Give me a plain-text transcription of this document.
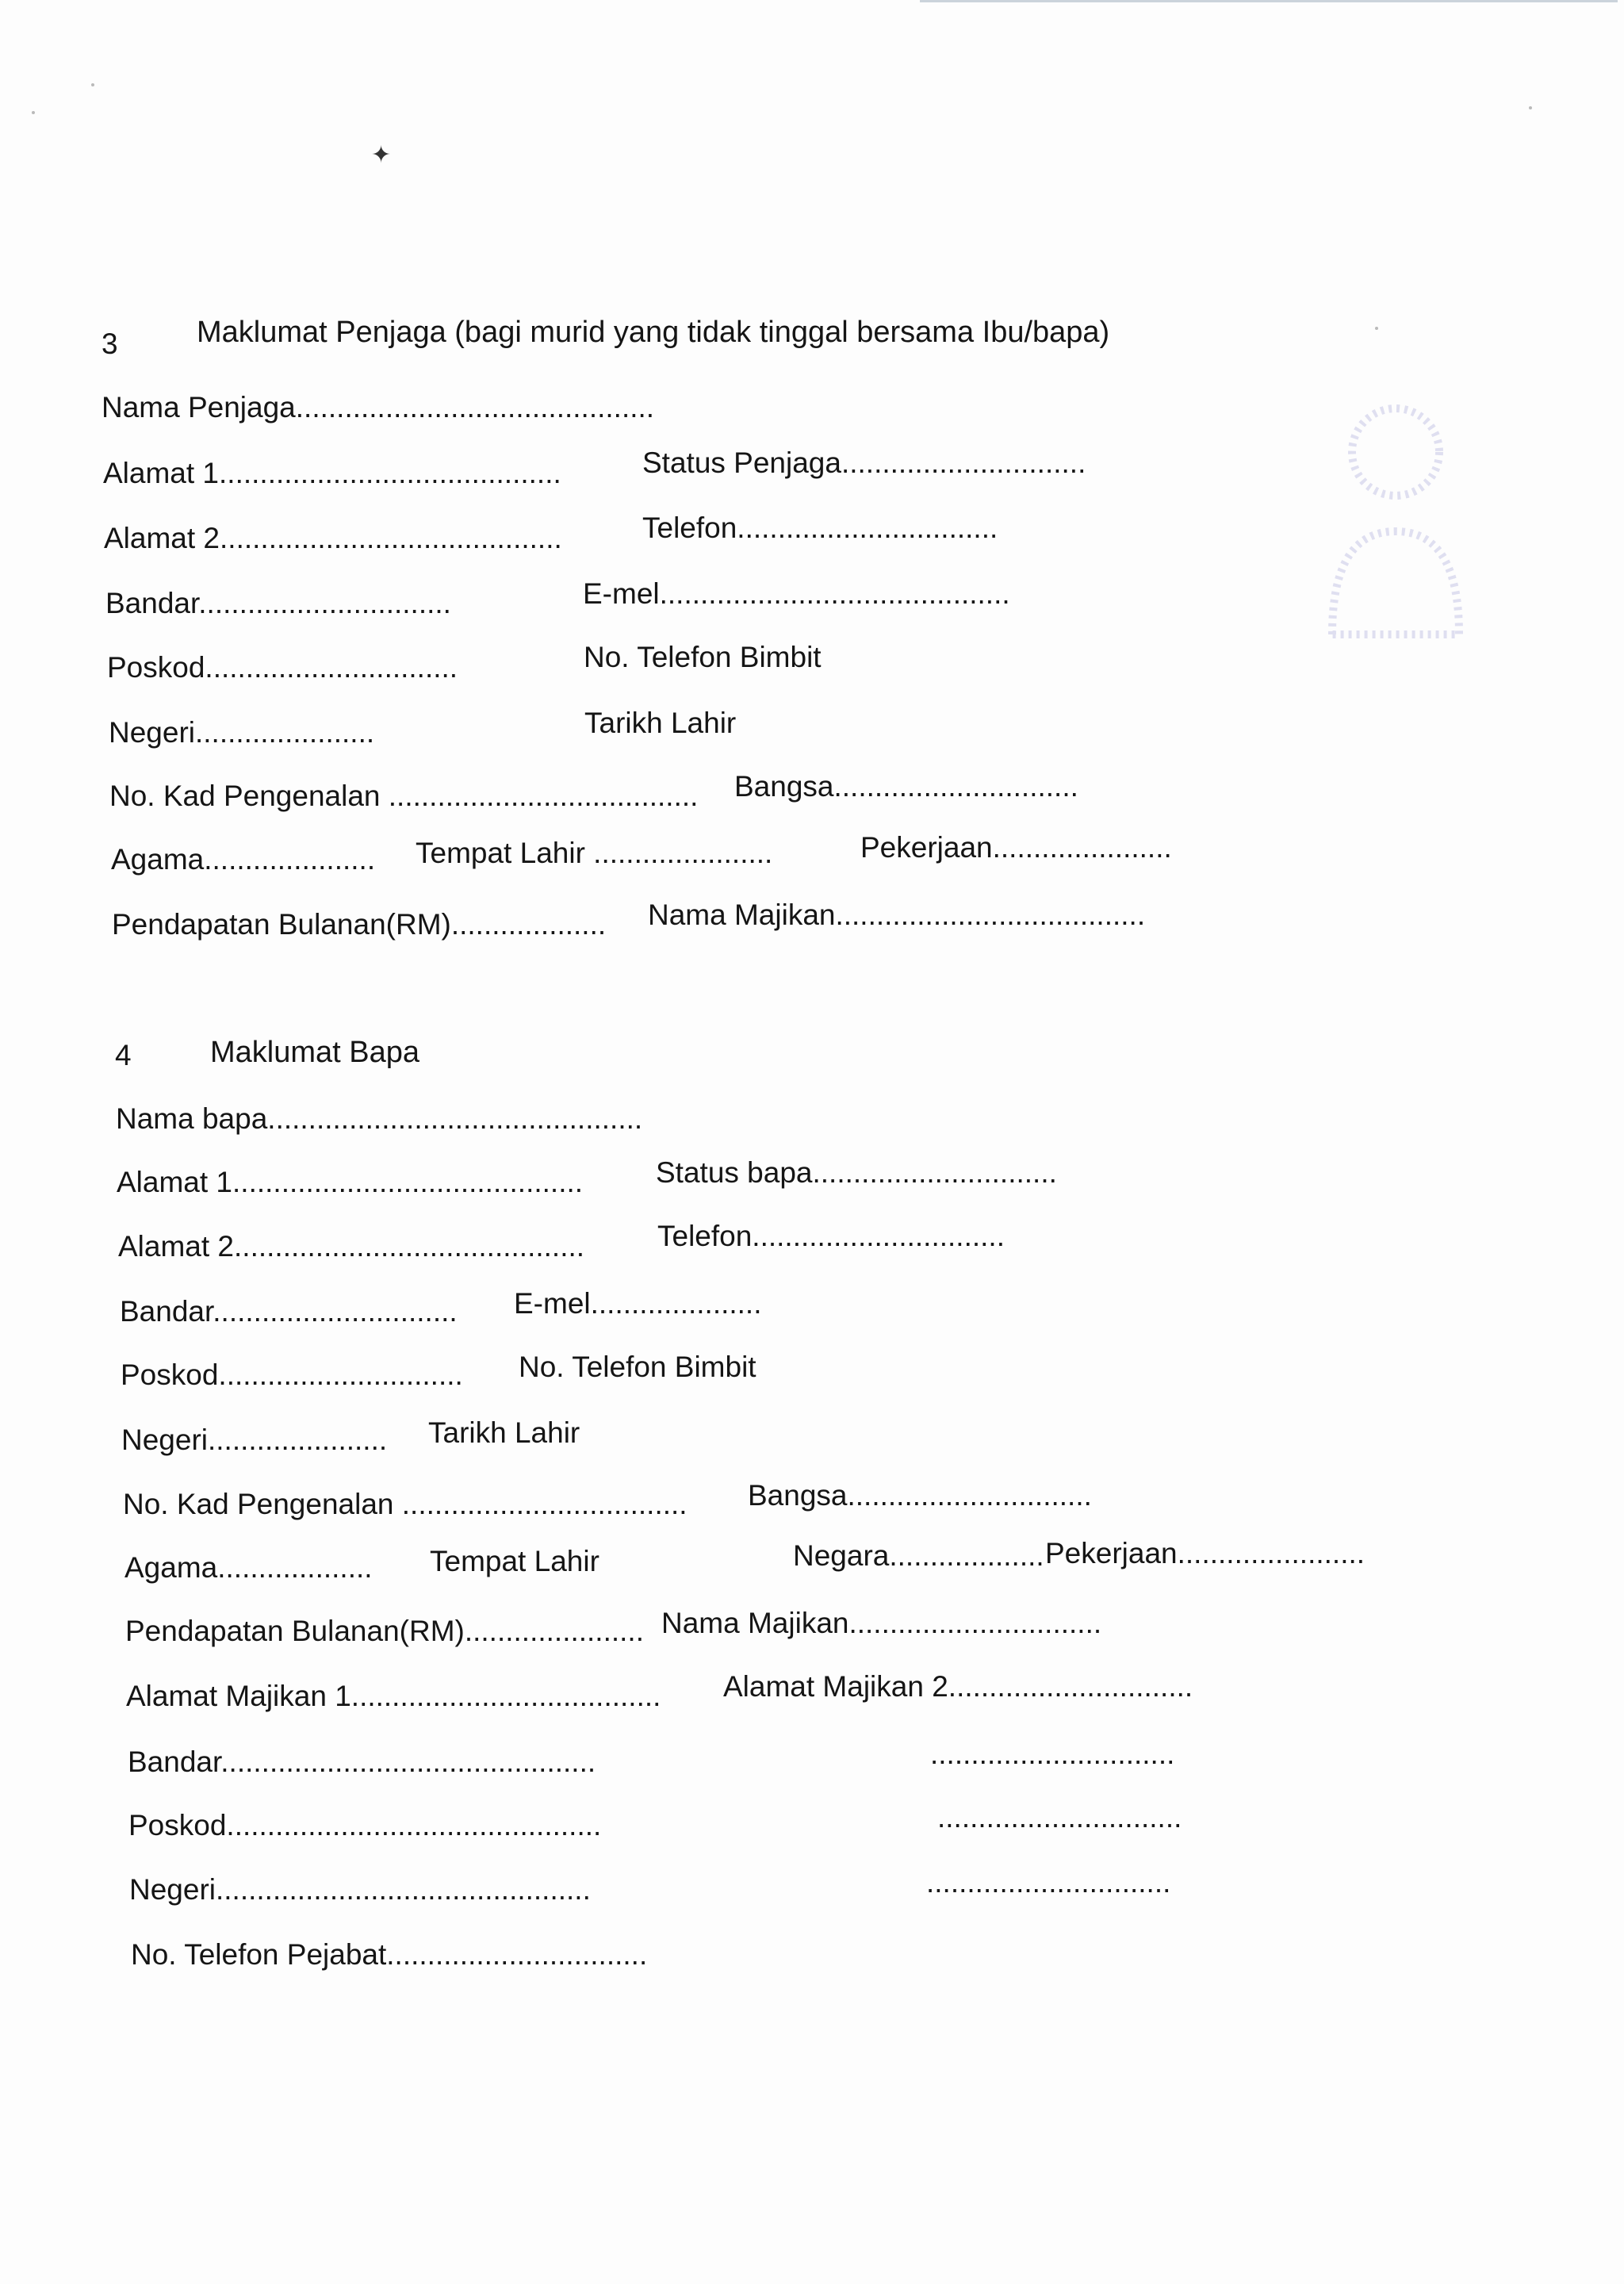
✦

3	Maklumat Penjaga (bagi murid yang tidak tinggal bersama Ibu/bapa)
Nama Penjaga............................................
Alamat 1..........................................	Status Penjaga..............................
Alamat 2..........................................	Telefon................................
Bandar...............................	E-mel...........................................
Poskod...............................	No. Telefon Bimbit
Negeri......................	Tarikh Lahir
No. Kad Pengenalan ...................................... Bangsa..............................
Agama..................... Tempat Lahir ......................	Pekerjaan......................
Pendapatan Bulanan(RM)................... Nama Majikan......................................
4	Maklumat Bapa
Nama bapa..............................................
Alamat 1........................................... Status bapa..............................
Alamat 2........................................... Telefon...............................
Bandar.............................. E-mel.....................
Poskod.............................. No. Telefon Bimbit
Negeri...................... Tarikh Lahir
No. Kad Pengenalan ................................... Bangsa..............................
Agama................... Tempat Lahir	Negara................... Pekerjaan.......................
Pendapatan Bulanan(RM)...................... Nama Majikan...............................
Alamat Majikan 1...................................... Alamat Majikan 2..............................
Bandar..............................................	..............................
Poskod..............................................	..............................
Negeri..............................................	..............................
No. Telefon Pejabat................................
